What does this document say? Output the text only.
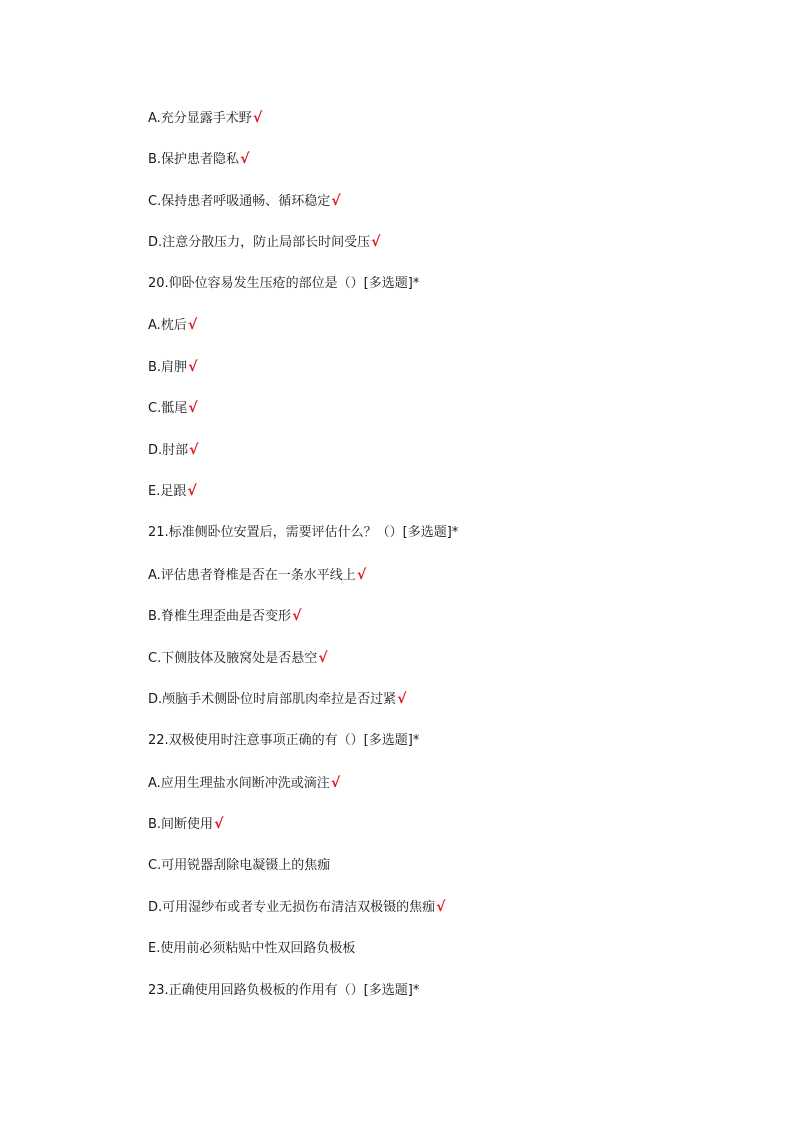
A.充分显露手术野√
B.保护患者隐私√
C.保持患者呼吸通畅、循环稳定√
D.注意分散压力，防止局部长时间受压√
20.仰卧位容易发生压疮的部位是（）[多选题]*
A.枕后√
B.肩胛√
C.骶尾√
D.肘部√
E.足跟√
21.标准侧卧位安置后，需要评估什么？（）[多选题]*
A.评估患者脊椎是否在一条水平线上√
B.脊椎生理歪曲是否变形√
C.下侧肢体及腋窝处是否悬空√
D.颅脑手术侧卧位时肩部肌肉牵拉是否过紧√
22.双极使用时注意事项正确的有（）[多选题]*
A.应用生理盐水间断冲洗或滴注√
B.间断使用√
C.可用锐器刮除电凝镊上的焦痂
D.可用湿纱布或者专业无损伤布清洁双极镊的焦痂√
E.使用前必须粘贴中性双回路负极板
23.正确使用回路负极板的作用有（）[多选题]*
